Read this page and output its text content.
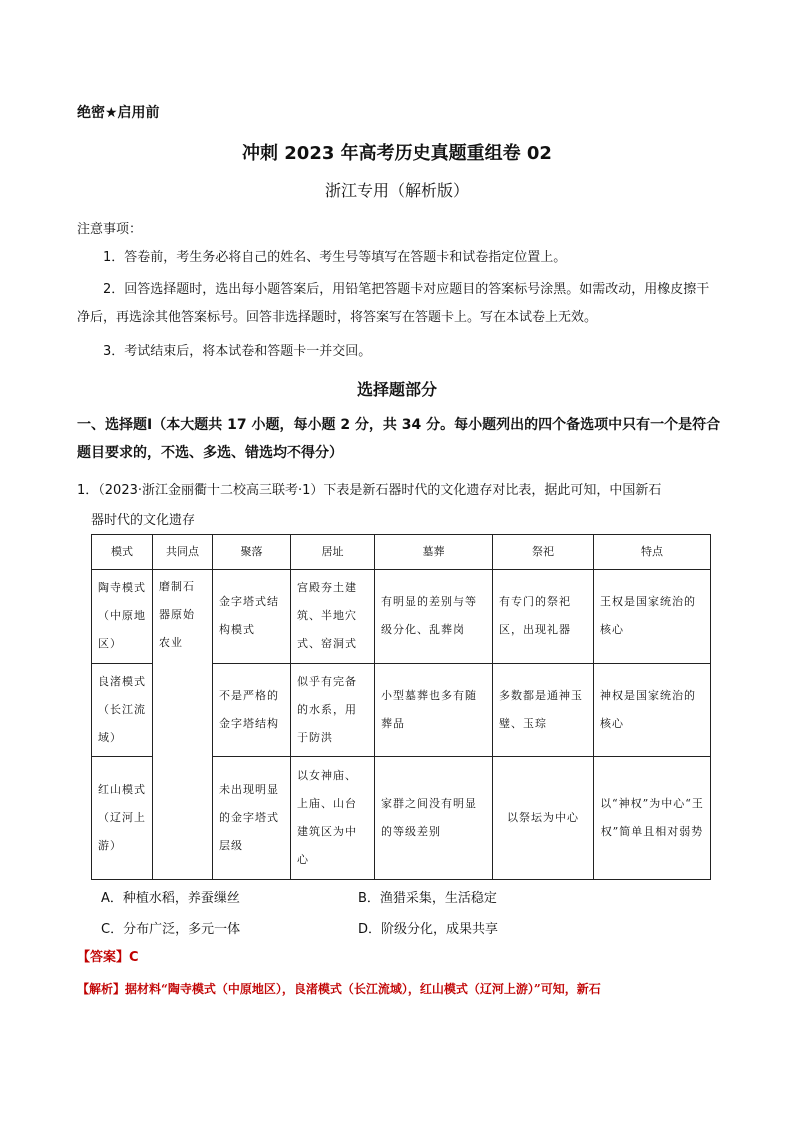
绝密★启用前
冲刺 2023 年高考历史真题重组卷 02
浙江专用（解析版）
注意事项：
1．答卷前，考生务必将自己的姓名、考生号等填写在答题卡和试卷指定位置上。
2．回答选择题时，选出每小题答案后，用铅笔把答题卡对应题目的答案标号涂黑。如需改动，用橡皮擦干净后，再选涂其他答案标号。回答非选择题时，将答案写在答题卡上。写在本试卷上无效。
3．考试结束后，将本试卷和答题卡一并交回。
选择题部分
一、选择题Ⅰ（本大题共 17 小题，每小题 2 分，共 34 分。每小题列出的四个备选项中只有一个是符合题目要求的，不选、多选、错选均不得分）
1．（2023·浙江金丽衢十二校高三联考·1）下表是新石器时代的文化遗存对比表，据此可知，中国新石
器时代的文化遗存
模式	共同点	聚落	居址	墓葬	祭祀	特点
陶寺模式（中原地区）	磨制石器原始农业	金字塔式结构模式	宫殿夯土建筑、半地穴式、窑洞式	有明显的差别与等级分化、乱葬岗	有专门的祭祀区，出现礼器	王权是国家统治的核心
良渚模式（长江流域）		不是严格的金字塔结构	似乎有完备的水系，用于防洪	小型墓葬也多有随葬品	多数都是通神玉璧、玉琮	神权是国家统治的核心
红山模式（辽河上游）		未出现明显的金字塔式层级	以女神庙、上庙、山台建筑区为中心	家群之间没有明显的等级差别	以祭坛为中心	以“神权”为中心“王权”简单且相对弱势
A．种植水稻，养蚕缫丝	B．渔猎采集，生活稳定
C．分布广泛，多元一体	D．阶级分化，成果共享
【答案】C
【解析】据材料“陶寺模式（中原地区），良渚模式（长江流域），红山模式（辽河上游）”可知，新石
